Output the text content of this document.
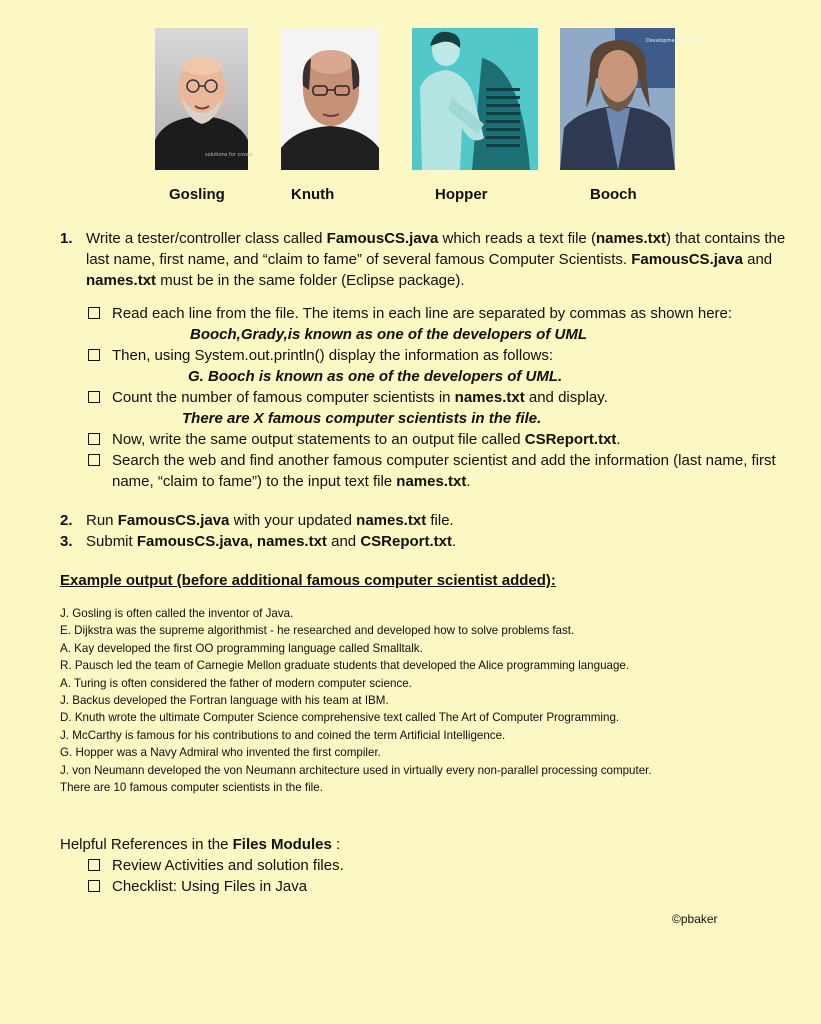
solutions for crowd
Development Institution
Gosling	Knuth	Hopper	Booch
1. Write a tester/controller class called FamousCS.java which reads a text file (names.txt) that contains the last name, first name, and “claim to fame” of several famous Computer Scientists. FamousCS.java and names.txt must be in the same folder (Eclipse package).
Read each line from the file. The items in each line are separated by commas as shown here:
Booch,Grady,is known as one of the developers of UML
Then, using System.out.println() display the information as follows:
G. Booch is known as one of the developers of UML.
Count the number of famous computer scientists in names.txt and display.
There are X famous computer scientists in the file.
Now, write the same output statements to an output file called CSReport.txt.
Search the web and find another famous computer scientist and add the information (last name, first name, “claim to fame”) to the input text file names.txt.
2. Run FamousCS.java with your updated names.txt file.
3. Submit FamousCS.java, names.txt and CSReport.txt.
Example output (before additional famous computer scientist added):
J. Gosling is often called the inventor of Java.
E. Dijkstra was the supreme algorithmist - he researched and developed how to solve problems fast.
A. Kay developed the first OO programming language called Smalltalk.
R. Pausch led the team of Carnegie Mellon graduate students that developed the Alice programming language.
A. Turing is often considered the father of modern computer science.
J. Backus developed the Fortran language with his team at IBM.
D. Knuth wrote the ultimate Computer Science comprehensive text called The Art of Computer Programming.
J. McCarthy is famous for his contributions to and coined the term Artificial Intelligence.
G. Hopper was a Navy Admiral who invented the first compiler.
J. von Neumann developed the von Neumann architecture used in virtually every non-parallel processing computer.
There are 10 famous computer scientists in the file.
Helpful References in the Files Modules :
Review Activities and solution files.
Checklist: Using Files in Java
©pbaker
